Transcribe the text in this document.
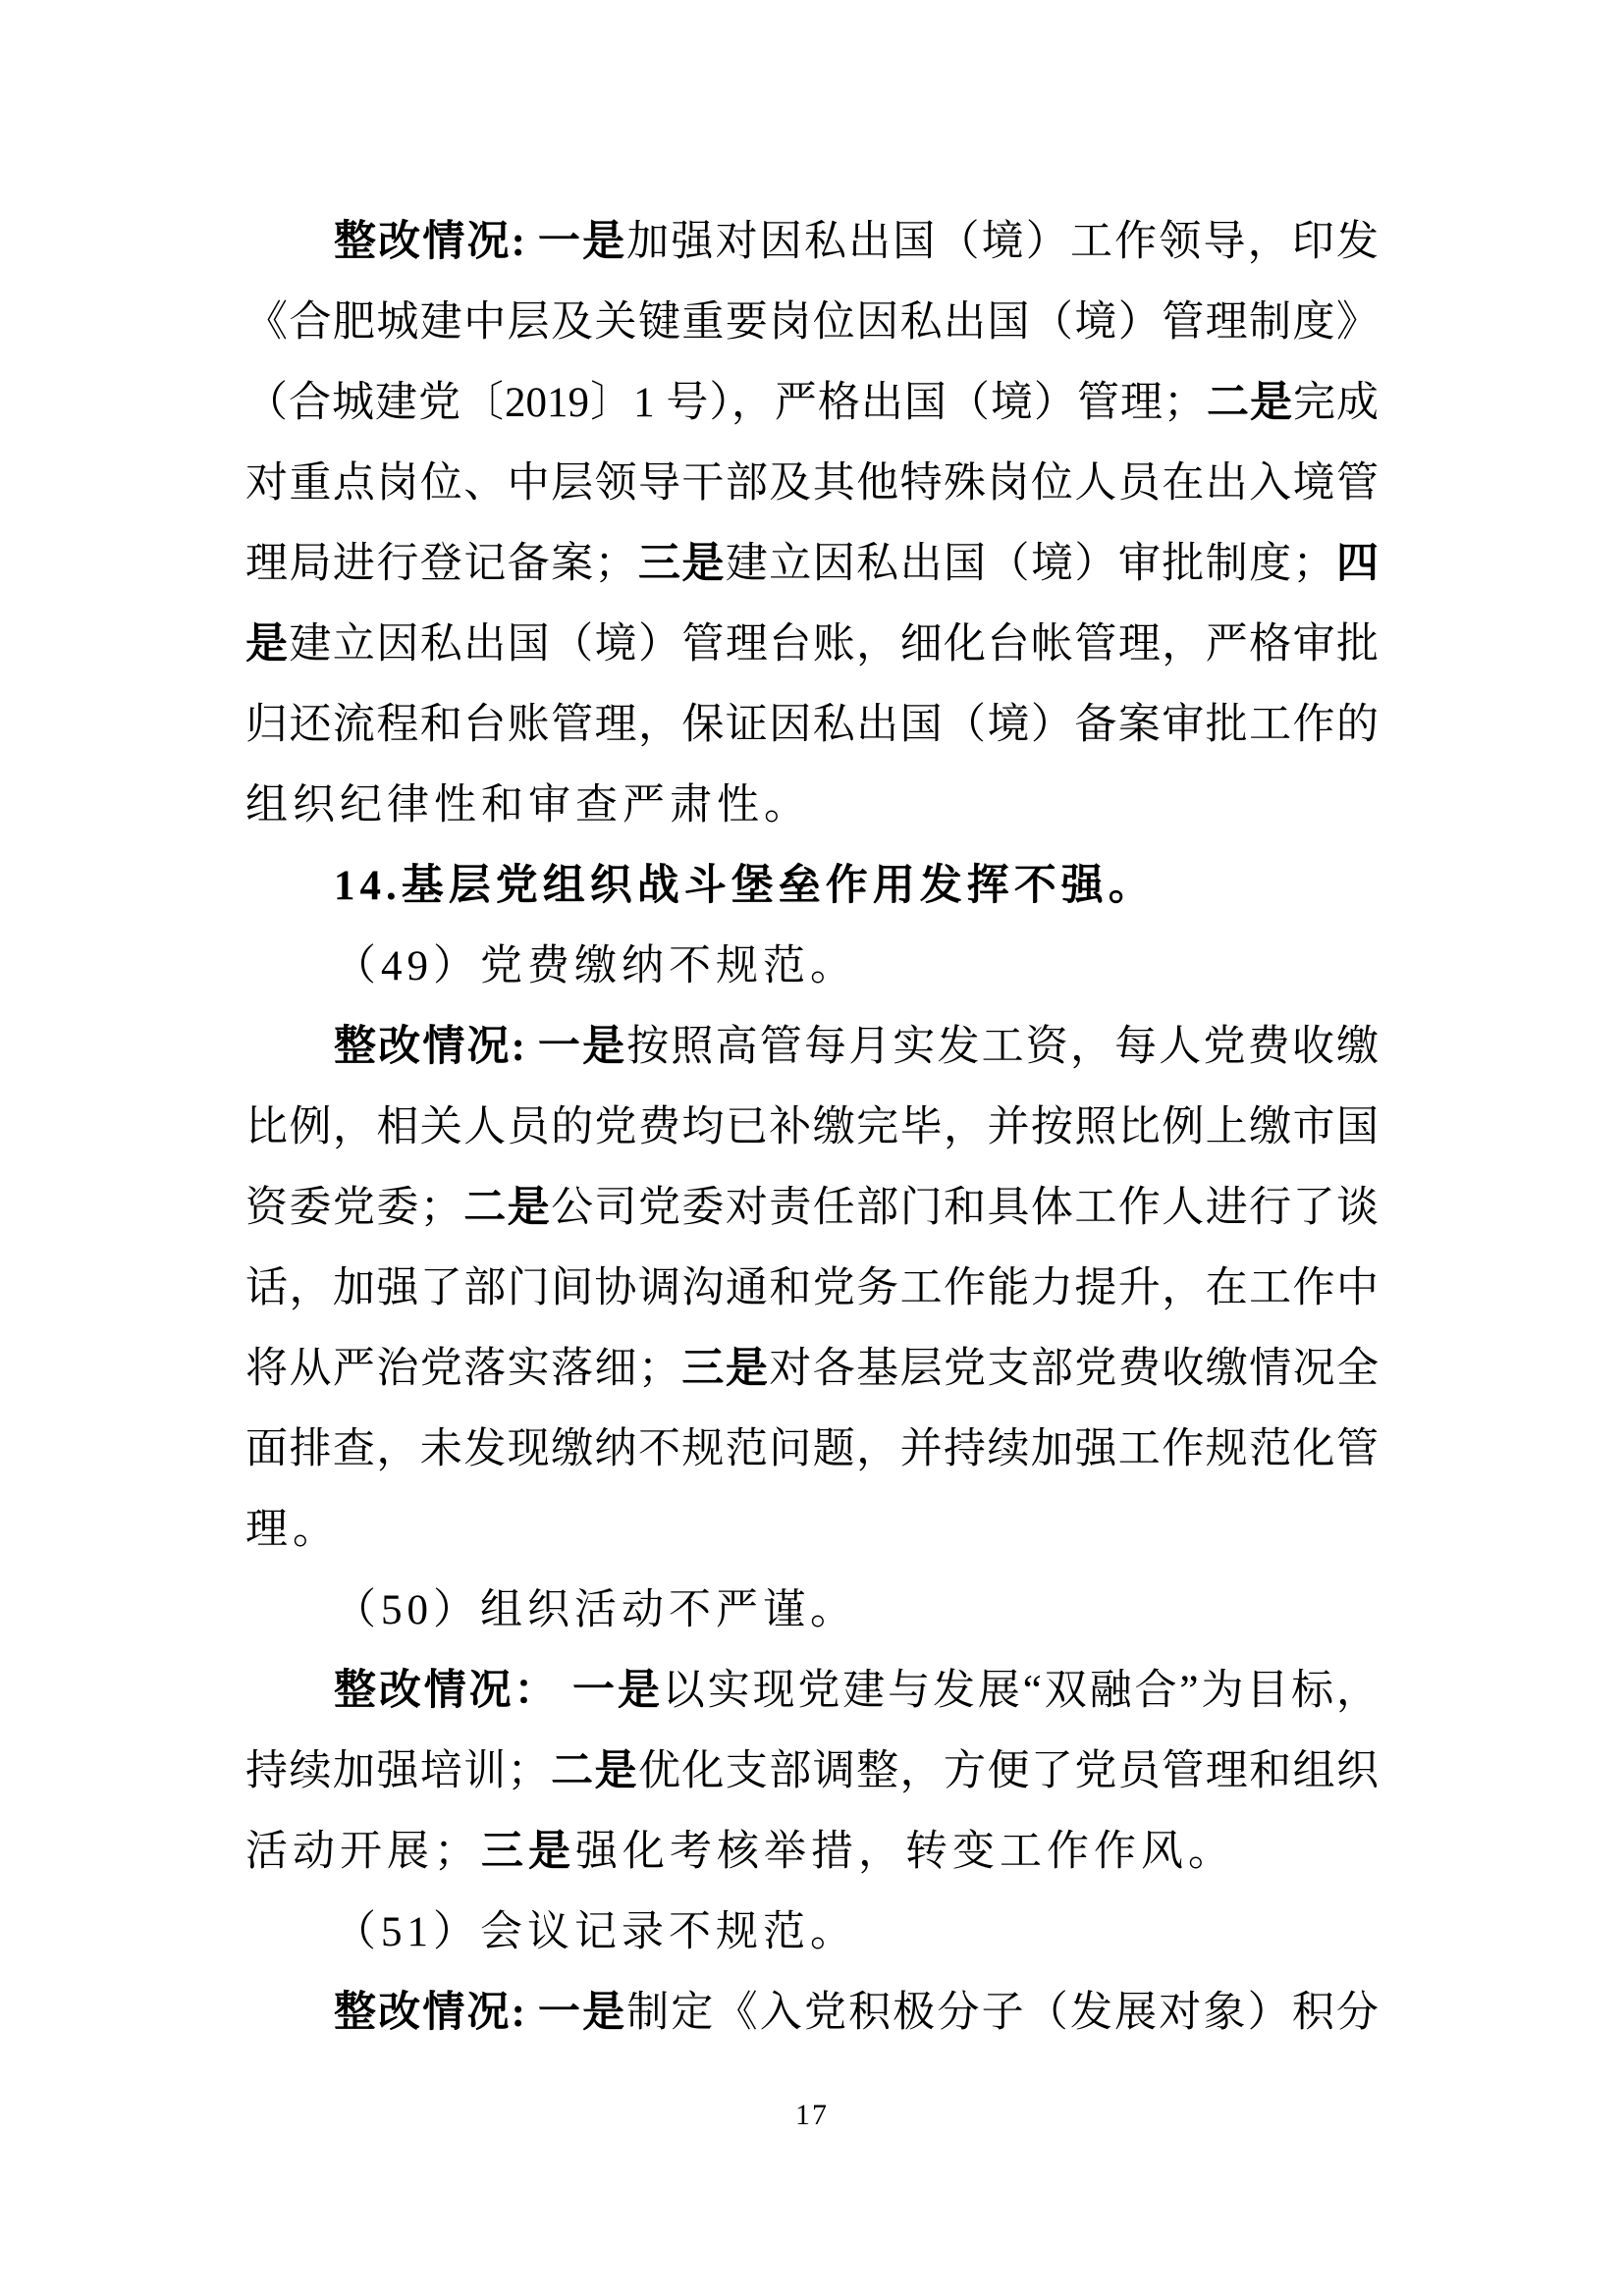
整改情况: 一是加强对因私出国（境）工作领导，印发
《合肥城建中层及关键重要岗位因私出国（境）管理制度》
（合城建党〔2019〕1 号），严格出国（境）管理；二是完成
对重点岗位、中层领导干部及其他特殊岗位人员在出入境管
理局进行登记备案；三是建立因私出国（境）审批制度；四
是建立因私出国（境）管理台账，细化台帐管理，严格审批
归还流程和台账管理，保证因私出国（境）备案审批工作的
组织纪律性和审查严肃性。
14.基层党组织战斗堡垒作用发挥不强。
（49）党费缴纳不规范。
整改情况: 一是按照高管每月实发工资，每人党费收缴
比例，相关人员的党费均已补缴完毕，并按照比例上缴市国
资委党委；二是公司党委对责任部门和具体工作人进行了谈
话，加强了部门间协调沟通和党务工作能力提升，在工作中
将从严治党落实落细；三是对各基层党支部党费收缴情况全
面排查，未发现缴纳不规范问题，并持续加强工作规范化管
理。
（50）组织活动不严谨。
整改情况： 一是以实现党建与发展“双融合”为目标，
持续加强培训；二是优化支部调整，方便了党员管理和组织
活动开展；三是强化考核举措，转变工作作风。
（51）会议记录不规范。
整改情况: 一是制定《入党积极分子（发展对象）积分
17
